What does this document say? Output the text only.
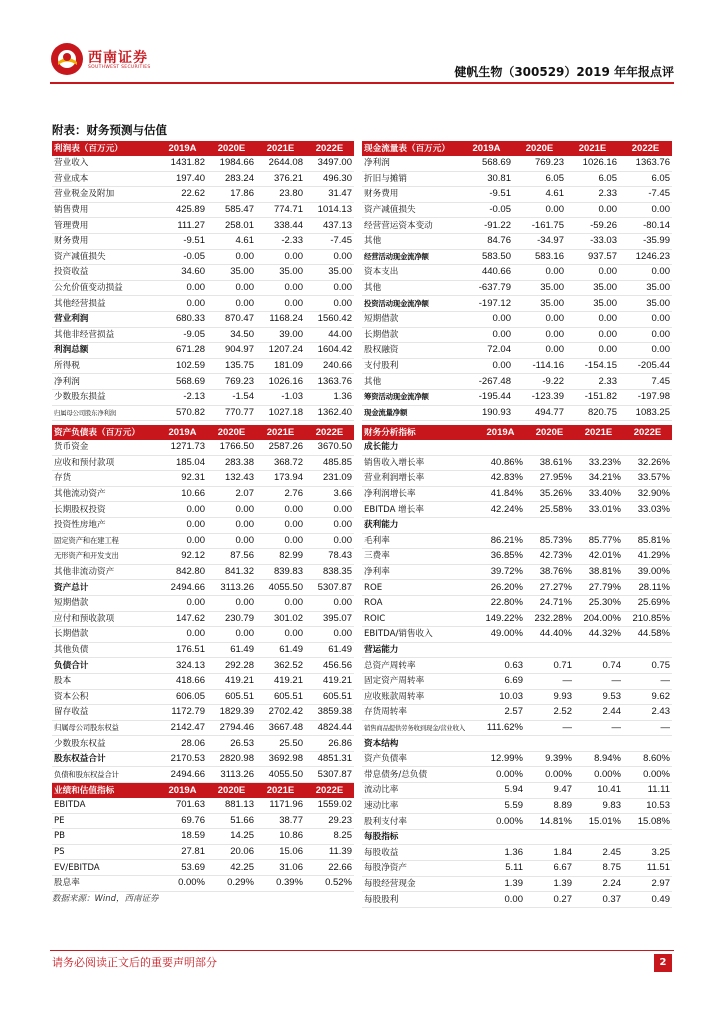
西南证券
SOUTHWEST SECURITIES	健帆生物（300529）2019 年年报点评
附表：财务预测与估值
利润表（百万元）	2019A	2020E	2021E	2022E
营业收入	1431.82	1984.66	2644.08	3497.00
营业成本	197.40	283.24	376.21	496.30
营业税金及附加	22.62	17.86	23.80	31.47
销售费用	425.89	585.47	774.71	1014.13
管理费用	111.27	258.01	338.44	437.13
财务费用	-9.51	4.61	-2.33	-7.45
资产减值损失	-0.05	0.00	0.00	0.00
投资收益	34.60	35.00	35.00	35.00
公允价值变动损益	0.00	0.00	0.00	0.00
其他经营损益	0.00	0.00	0.00	0.00
营业利润	680.33	870.47	1168.24	1560.42
其他非经营损益	-9.05	34.50	39.00	44.00
利润总额	671.28	904.97	1207.24	1604.42
所得税	102.59	135.75	181.09	240.66
净利润	568.69	769.23	1026.16	1363.76
少数股东损益	-2.13	-1.54	-1.03	1.36
归属母公司股东净利润	570.82	770.77	1027.18	1362.40
现金流量表（百万元）	2019A	2020E	2021E	2022E
净利润	568.69	769.23	1026.16	1363.76
折旧与摊销	30.81	6.05	6.05	6.05
财务费用	-9.51	4.61	2.33	-7.45
资产减值损失	-0.05	0.00	0.00	0.00
经营营运资本变动	-91.22	-161.75	-59.26	-80.14
其他	84.76	-34.97	-33.03	-35.99
经营活动现金流净额	583.50	583.16	937.57	1246.23
资本支出	440.66	0.00	0.00	0.00
其他	-637.79	35.00	35.00	35.00
投资活动现金流净额	-197.12	35.00	35.00	35.00
短期借款	0.00	0.00	0.00	0.00
长期借款	0.00	0.00	0.00	0.00
股权融资	72.04	0.00	0.00	0.00
支付股利	0.00	-114.16	-154.15	-205.44
其他	-267.48	-9.22	2.33	7.45
筹资活动现金流净额	-195.44	-123.39	-151.82	-197.98
现金流量净额	190.93	494.77	820.75	1083.25
资产负债表（百万元）	2019A	2020E	2021E	2022E
货币资金	1271.73	1766.50	2587.26	3670.50
应收和预付款项	185.04	283.38	368.72	485.85
存货	92.31	132.43	173.94	231.09
其他流动资产	10.66	2.07	2.76	3.66
长期股权投资	0.00	0.00	0.00	0.00
投资性房地产	0.00	0.00	0.00	0.00
固定资产和在建工程	0.00	0.00	0.00	0.00
无形资产和开发支出	92.12	87.56	82.99	78.43
其他非流动资产	842.80	841.32	839.83	838.35
资产总计	2494.66	3113.26	4055.50	5307.87
短期借款	0.00	0.00	0.00	0.00
应付和预收款项	147.62	230.79	301.02	395.07
长期借款	0.00	0.00	0.00	0.00
其他负债	176.51	61.49	61.49	61.49
负债合计	324.13	292.28	362.52	456.56
股本	418.66	419.21	419.21	419.21
资本公积	606.05	605.51	605.51	605.51
留存收益	1172.79	1829.39	2702.42	3859.38
归属母公司股东权益	2142.47	2794.46	3667.48	4824.44
少数股东权益	28.06	26.53	25.50	26.86
股东权益合计	2170.53	2820.98	3692.98	4851.31
负债和股东权益合计	2494.66	3113.26	4055.50	5307.87
财务分析指标	2019A	2020E	2021E	2022E
成长能力				
销售收入增长率	40.86%	38.61%	33.23%	32.26%
营业利润增长率	42.83%	27.95%	34.21%	33.57%
净利润增长率	41.84%	35.26%	33.40%	32.90%
EBITDA 增长率	42.24%	25.58%	33.01%	33.03%
获利能力				
毛利率	86.21%	85.73%	85.77%	85.81%
三费率	36.85%	42.73%	42.01%	41.29%
净利率	39.72%	38.76%	38.81%	39.00%
ROE	26.20%	27.27%	27.79%	28.11%
ROA	22.80%	24.71%	25.30%	25.69%
ROIC	149.22%	232.28%	204.00%	210.85%
EBITDA/销售收入	49.00%	44.40%	44.32%	44.58%
营运能力				
总资产周转率	0.63	0.71	0.74	0.75
固定资产周转率	6.69	—	—	—
应收账款周转率	10.03	9.93	9.53	9.62
存货周转率	2.57	2.52	2.44	2.43
销售商品提供劳务收到现金/营业收入	111.62%	—	—	—
资本结构				
资产负债率	12.99%	9.39%	8.94%	8.60%
带息债务/总负债	0.00%	0.00%	0.00%	0.00%
流动比率	5.94	9.47	10.41	11.11
速动比率	5.59	8.89	9.83	10.53
股利支付率	0.00%	14.81%	15.01%	15.08%
每股指标				
每股收益	1.36	1.84	2.45	3.25
每股净资产	5.11	6.67	8.75	11.51
每股经营现金	1.39	1.39	2.24	2.97
每股股利	0.00	0.27	0.37	0.49
业绩和估值指标	2019A	2020E	2021E	2022E
EBITDA	701.63	881.13	1171.96	1559.02
PE	69.76	51.66	38.77	29.23
PB	18.59	14.25	10.86	8.25
PS	27.81	20.06	15.06	11.39
EV/EBITDA	53.69	42.25	31.06	22.66
股息率	0.00%	0.29%	0.39%	0.52%
数据来源：Wind，西南证券
请务必阅读正文后的重要声明部分	2
